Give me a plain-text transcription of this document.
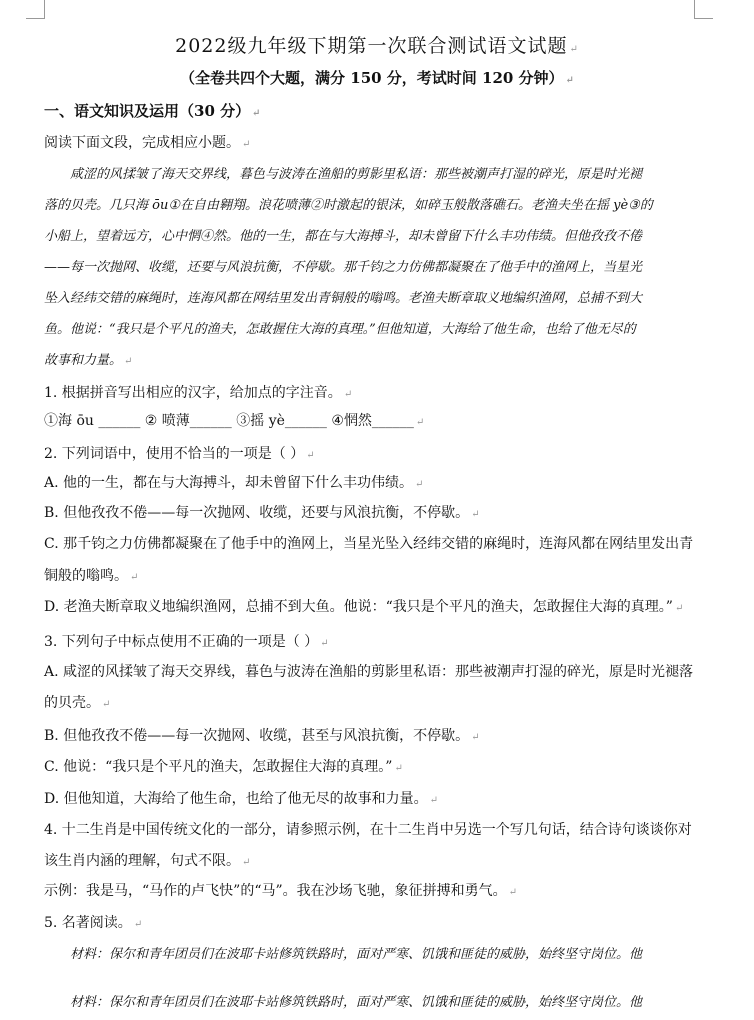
2022级九年级下期第一次联合测试语文试题 ↵
（全卷共四个大题，满分 150 分，考试时间 120 分钟） ↵
一、语文知识及运用（30 分） ↵
阅读下面文段，完成相应小题。 ↵
咸涩的风揉皱了海天交界线，暮色与波涛在渔船的剪影里私语：那些被潮声打湿的碎光，原是时光褪
落的贝壳。几只海 ōu①在自由翱翔。浪花喷薄②时激起的银沫，如碎玉般散落礁石。老渔夫坐在摇 yè③的
小船上，望着远方，心中惘④然。他的一生，都在与大海搏斗，却未曾留下什么丰功伟绩。但他孜孜不倦
——每一次抛网、收缆，还要与风浪抗衡，不停歇。那千钧之力仿佛都凝聚在了他手中的渔网上，当星光
坠入经纬交错的麻绳时，连海风都在网结里发出青铜般的嗡鸣。老渔夫断章取义地编织渔网，总捕不到大
鱼。他说：“我只是个平凡的渔夫，怎敢握住大海的真理。”但他知道，大海给了他生命，也给了他无尽的
故事和力量。 ↵
1. 根据拼音写出相应的汉字，给加点的字注音。 ↵
①海 ōu ______ ② 喷薄______ ③摇 yè______ ④惘然______ ↵
2. 下列词语中，使用不恰当的一项是（ ） ↵
A. 他的一生，都在与大海搏斗，却未曾留下什么丰功伟绩。 ↵
B. 但他孜孜不倦——每一次抛网、收缆，还要与风浪抗衡，不停歇。 ↵
C. 那千钧之力仿佛都凝聚在了他手中的渔网上，当星光坠入经纬交错的麻绳时，连海风都在网结里发出青
铜般的嗡鸣。 ↵
D. 老渔夫断章取义地编织渔网，总捕不到大鱼。他说：“我只是个平凡的渔夫，怎敢握住大海的真理。” ↵
3. 下列句子中标点使用不正确的一项是（ ） ↵
A. 咸涩的风揉皱了海天交界线，暮色与波涛在渔船的剪影里私语：那些被潮声打湿的碎光，原是时光褪落
的贝壳。 ↵
B. 但他孜孜不倦——每一次抛网、收缆，甚至与风浪抗衡，不停歇。 ↵
C. 他说：“我只是个平凡的渔夫，怎敢握住大海的真理。” ↵
D. 但他知道，大海给了他生命，也给了他无尽的故事和力量。 ↵
4. 十二生肖是中国传统文化的一部分，请参照示例，在十二生肖中另选一个写几句话，结合诗句谈谈你对
该生肖内涵的理解，句式不限。 ↵
示例：我是马，“马作的卢飞快”的“马”。我在沙场飞驰，象征拼搏和勇气。 ↵
5. 名著阅读。 ↵
材料：保尔和青年团员们在波耶卡站修筑铁路时，面对严寒、饥饿和匪徒的威胁，始终坚守岗位。他
材料：保尔和青年团员们在波耶卡站修筑铁路时，面对严寒、饥饿和匪徒的威胁，始终坚守岗位。他
